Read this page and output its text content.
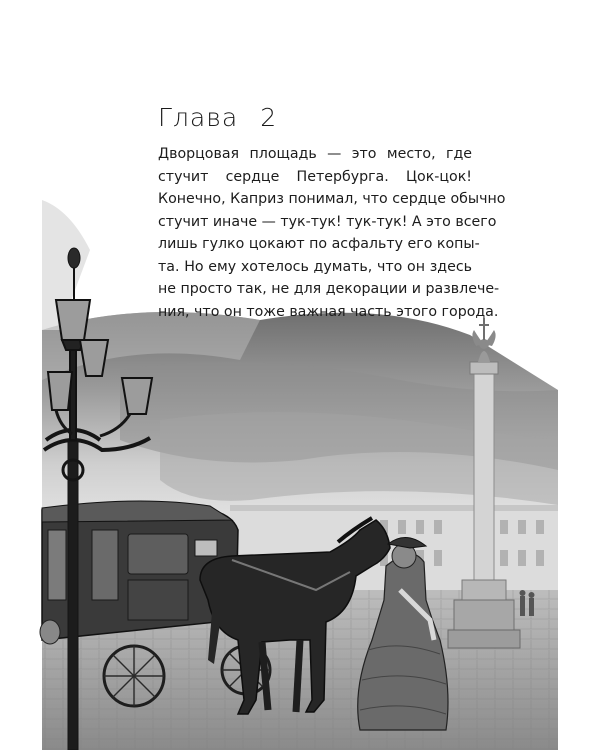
Глава 2
Дворцовая площадь — это место, где
стучит сердце Петербурга. Цок-цок!
Конечно, Каприз понимал, что сердце обычно
стучит иначе — тук-тук! тук-тук! А это всего
лишь гулко цокают по асфальту его копы-
та. Но ему хотелось думать, что он здесь
не просто так, не для декорации и развлече-
ния, что он тоже важная часть этого города.
